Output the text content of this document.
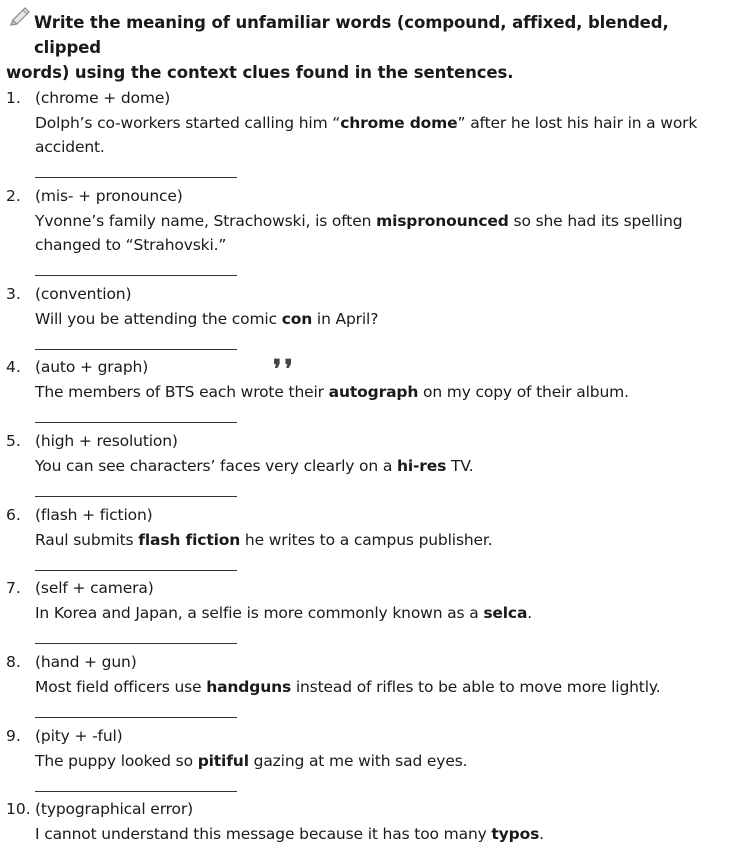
Write the meaning of unfamiliar words (compound, affixed, blended, clipped
words) using the context clues found in the sentences.
❜❜
1. (chrome + dome)
Dolph’s co-workers started calling him “chrome dome” after he lost his hair in a work
accident.
2. (mis- + pronounce)
Yvonne’s family name, Strachowski, is often mispronounced so she had its spelling
changed to “Strahovski.”
3. (convention)
Will you be attending the comic con in April?
4. (auto + graph)
The members of BTS each wrote their autograph on my copy of their album.
5. (high + resolution)
You can see characters’ faces very clearly on a hi-res TV.
6. (flash + fiction)
Raul submits flash fiction he writes to a campus publisher.
7. (self + camera)
In Korea and Japan, a selfie is more commonly known as a selca.
8. (hand + gun)
Most field officers use handguns instead of rifles to be able to move more lightly.
9. (pity + -ful)
The puppy looked so pitiful gazing at me with sad eyes.
10. (typographical error)
I cannot understand this message because it has too many typos.
